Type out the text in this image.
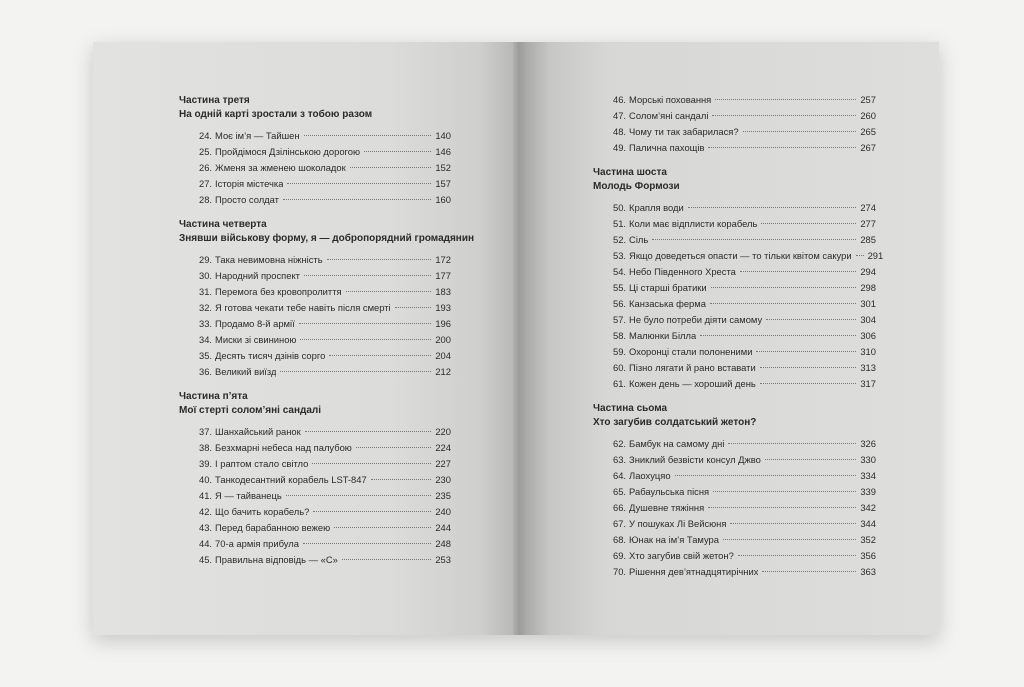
Частина третя
На одній карті зростали з тобою разом
24. Моє ім’я — Тайшен	140
25. Пройдімося Дзілінською дорогою	146
26. Жменя за жменею шоколадок	152
27. Історія містечка	157
28. Просто солдат	160
Частина четверта
Знявши військову форму, я — добропорядний громадянин
29. Така невимовна ніжність	172
30. Народний проспект	177
31. Перемога без кровопролиття	183
32. Я готова чекати тебе навіть після смерті	193
33. Продамо 8-й армії	196
34. Миски зі свининою	200
35. Десять тисяч дзінів сорго	204
36. Великий виїзд	212
Частина п’ята
Мої стерті солом’яні сандалі
37. Шанхайський ранок	220
38. Безхмарні небеса над палубою	224
39. І раптом стало світло	227
40. Танкодесантний корабель LST-847	230
41. Я — тайванець	235
42. Що бачить корабель?	240
43. Перед барабанною вежею	244
44. 70-а армія прибула	248
45. Правильна відповідь — «С»	253
46. Морські поховання	257
47. Солом’яні сандалі	260
48. Чому ти так забарилася?	265
49. Палична пахощів	267
Частина шоста
Молодь Формози
50. Крапля води	274
51. Коли має відплисти корабель	277
52. Сіль	285
53. Якщо доведеться опасти — то тільки квітом сакури 291
54. Небо Південного Хреста	294
55. Ці старші братики	298
56. Канзаська ферма	301
57. Не було потреби діяти самому	304
58. Малюнки Білла	306
59. Охоронці стали полоненими	310
60. Пізно лягати й рано вставати	313
61. Кожен день — хороший день	317
Частина сьома
Хто загубив солдатський жетон?
62. Бамбук на самому дні	326
63. Зниклий безвісти консул Джво	330
64. Лаохуцяо	334
65. Рабаульська пісня	339
66. Душевне тяжіння	342
67. У пошуках Лі Вейсюня	344
68. Юнак на ім’я Тамура	352
69. Хто загубив свій жетон?	356
70. Рішення дев’ятнадцятирічних	363
